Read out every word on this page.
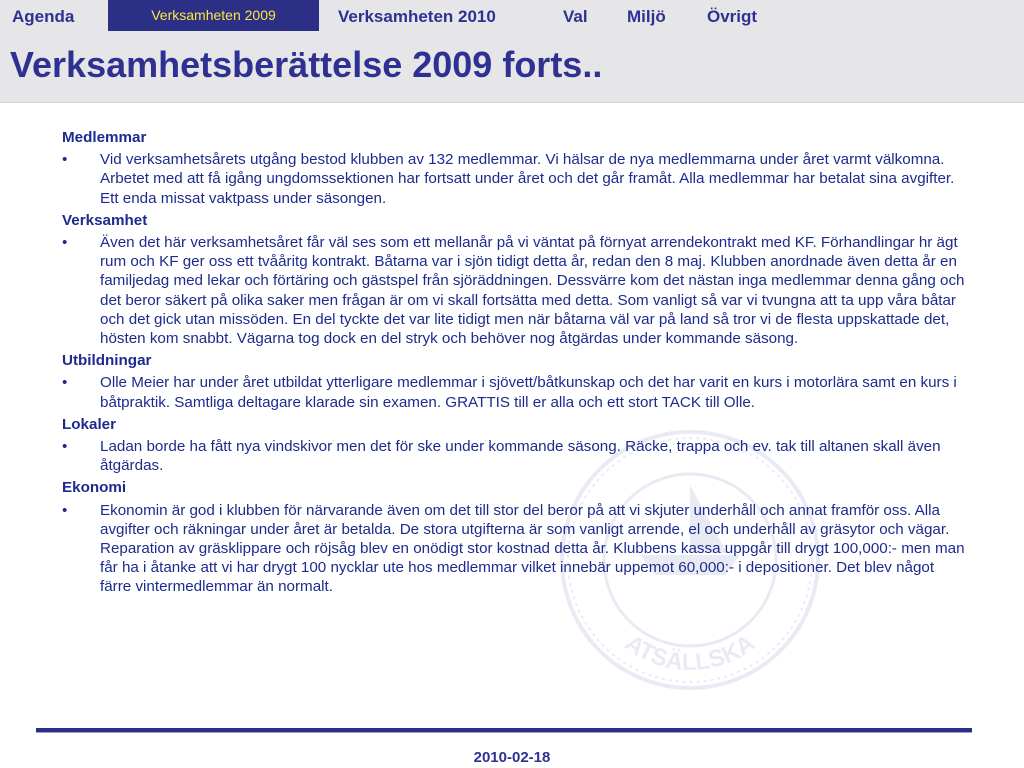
Agenda	Verksamheten 2009	Verksamheten 2010	Val Miljö Övrigt
Verksamhetsberättelse 2009 forts..
ATSÄLLSKA
Medlemmar
• Vid verksamhetsårets utgång bestod klubben av 132 medlemmar. Vi hälsar de nya medlemmarna under året varmt välkomna. Arbetet med att få igång ungdomssektionen har fortsatt under året och det går framåt. Alla medlemmar har betalat sina avgifter. Ett enda missat vaktpass under säsongen.
Verksamhet
• Även det här verksamhetsåret får väl ses som ett mellanår på vi väntat på förnyat arrendekontrakt med KF. Förhandlingar hr ägt rum och KF ger oss ett tvååritg kontrakt. Båtarna var i sjön tidigt detta år, redan den 8 maj. Klubben anordnade även detta år en familjedag med lekar och förtäring och gästspel från sjöräddningen. Dessvärre kom det nästan inga medlemmar denna gång och det beror säkert på olika saker men frågan är om vi skall fortsätta med detta. Som vanligt så var vi tvungna att ta upp våra båtar och det gick utan missöden. En del tyckte det var lite tidigt men när båtarna väl var på land så tror vi de flesta uppskattade det, hösten kom snabbt. Vägarna tog dock en del stryk och behöver nog åtgärdas under kommande säsong.
Utbildningar
• Olle Meier har under året utbildat ytterligare medlemmar i sjövett/båtkunskap och det har varit en kurs i motorlära samt en kurs i båtpraktik. Samtliga deltagare klarade sin examen. GRATTIS till er alla och ett stort TACK till Olle.
Lokaler
• Ladan borde ha fått nya vindskivor men det för ske under kommande säsong. Räcke, trappa och ev. tak till altanen skall även åtgärdas.
Ekonomi
• Ekonomin är god i klubben för närvarande även om det till stor del beror på att vi skjuter underhåll och annat framför oss. Alla avgifter och räkningar under året är betalda. De stora utgifterna är som vanligt arrende, el och underhåll av gräsytor och vägar. Reparation av gräsklippare och röjsåg blev en onödigt stor kostnad detta år. Klubbens kassa uppgår till drygt 100,000:- men man får ha i åtanke att vi har drygt 100 nycklar ute hos medlemmar vilket innebär uppemot 60,000:- i depositioner. Det blev något färre vintermedlemmar än normalt.
2010-02-18
